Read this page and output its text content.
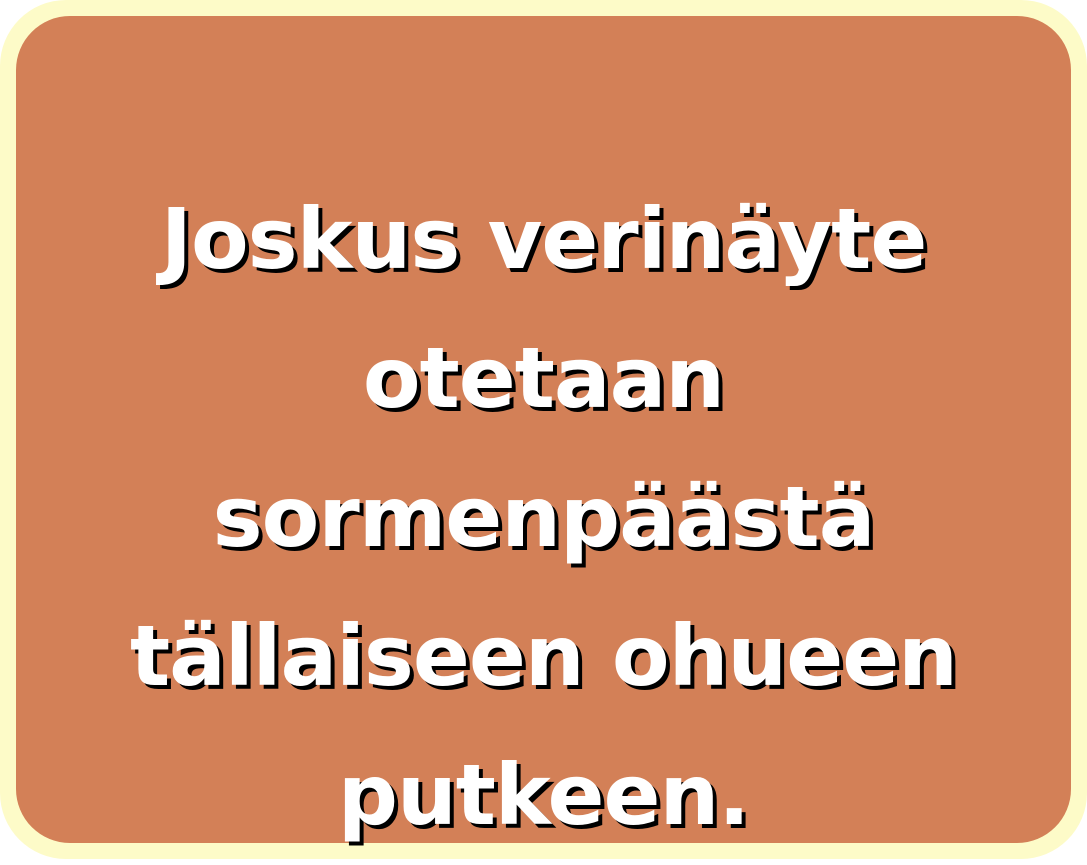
Joskus verinäyte
otetaan
sormenpäästä
tällaiseen ohueen
putkeen.
